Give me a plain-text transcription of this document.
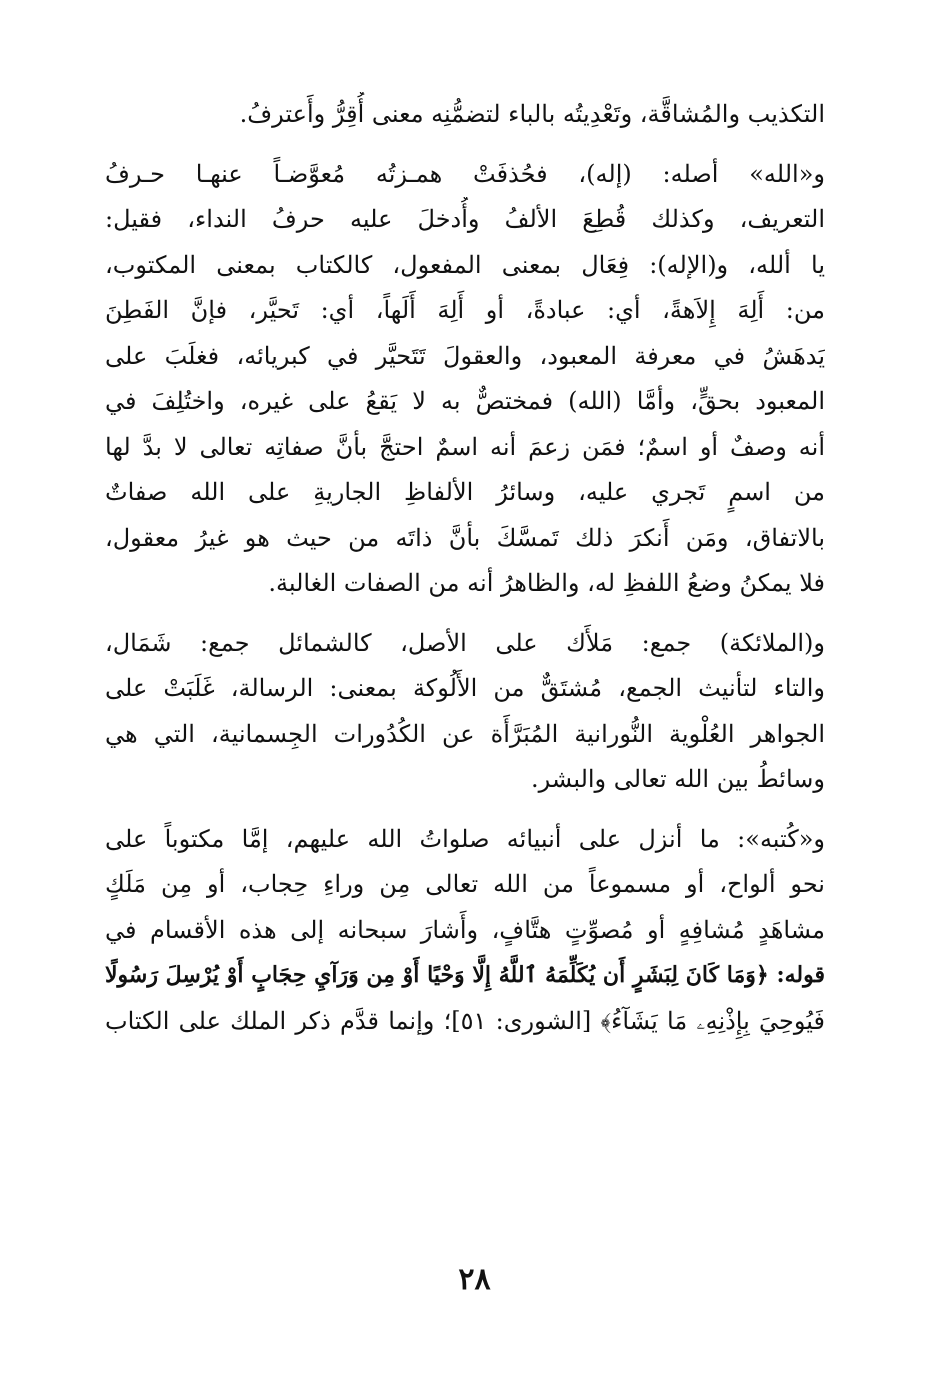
التكذيب والمُشاقَّة، وتَعْدِيتُه بالباء لتضمُّنِه معنى أُقِرُّ وأَعترفُ.

و«الله» أصله: (إله)، فحُذفَتْ همـزتُه مُعوَّضـاً عنهـا حـرفُ
التعريف، وكذلك قُطِعَ الألفُ وأُدخلَ عليه حرفُ النداء، فقيل:
يا ألله، و(الإله): فِعَال بمعنى المفعول، كالكتاب بمعنى المكتوب،
من: أَلِهَ إِلاَهةً، أي: عبادةً، أو أَلِهَ أَلَهاً، أي: تَحيَّر، فإنَّ الفَطِنَ
يَدهَشُ في معرفة المعبود، والعقولَ تَتَحيَّر في كبريائه، فغلَبَ على
المعبود بحقٍّ، وأمَّا (الله) فمختصٌّ به لا يَقعُ على غيره، واختُلِفَ في
أنه وصفٌ أو اسمٌ؛ فمَن زعمَ أنه اسمٌ احتجَّ بأنَّ صفاتِه تعالى لا بدَّ لها
من اسمٍ تَجري عليه، وسائرُ الألفاظِ الجاريةِ على الله صفاتٌ
بالاتفاق، ومَن أَنكرَ ذلك تَمسَّكَ بأنَّ ذاتَه من حيث هو غيرُ معقول،
فلا يمكنُ وضعُ اللفظِ له، والظاهرُ أنه من الصفات الغالبة.

و(الملائكة) جمع: مَلأَك على الأصل، كالشمائل جمع: شَمَال،
والتاء لتأنيث الجمع، مُشتَقٌّ من الأَلُوكة بمعنى: الرسالة، غَلَبَتْ على
الجواهر العُلْوية النُّورانية المُبَرَّأَة عن الكُدُورات الجِسمانية، التي هي
وسائطُ بين الله تعالى والبشر.

و«كُتبه»: ما أنزل على أنبيائه صلواتُ الله عليهم، إمَّا مكتوباً على
نحو ألواح، أو مسموعاً من الله تعالى مِن وراءِ حِجاب، أو مِن مَلَكٍ
مشاهَدٍ مُشافِهٍ أو مُصوِّتٍ هتَّافٍ، وأَشارَ سبحانه إلى هذه الأقسام في
قوله: ﴿وَمَا كَانَ لِبَشَرٍ أَن يُكَلِّمَهُ ٱللَّهُ إِلَّا وَحْيًا أَوْ مِن وَرَآيِ حِجَابٍ أَوْ يُرْسِلَ رَسُولًا
فَيُوحِيَ بِإِذْنِهِۦ مَا يَشَآءُ﴾ [الشورى: ٥١]؛ وإنما قدَّم ذكر الملك على الكتاب

٢٨
